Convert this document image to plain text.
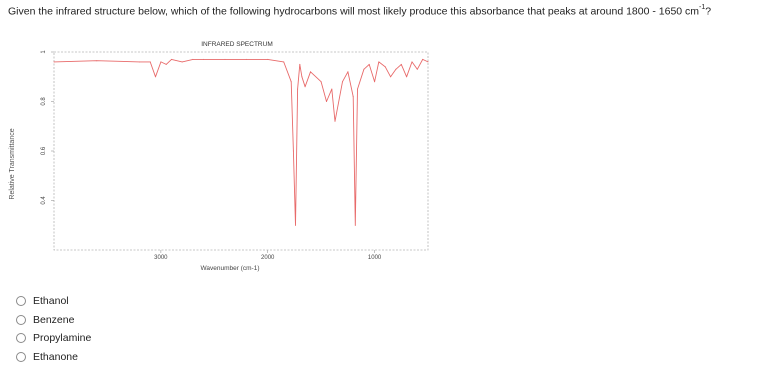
Given the infrared structure below, which of the following hydrocarbons will most likely produce this absorbance that peaks at around 1800 - 1650 $cm^{-1}$?
INFRARED SPECTRUM
Relative Transmittance
Wavenumber (cm-1)
1
0.8
0.6
0.4
3000	2000	1000
Ethanol
Benzene
Propylamine
Ethanone
